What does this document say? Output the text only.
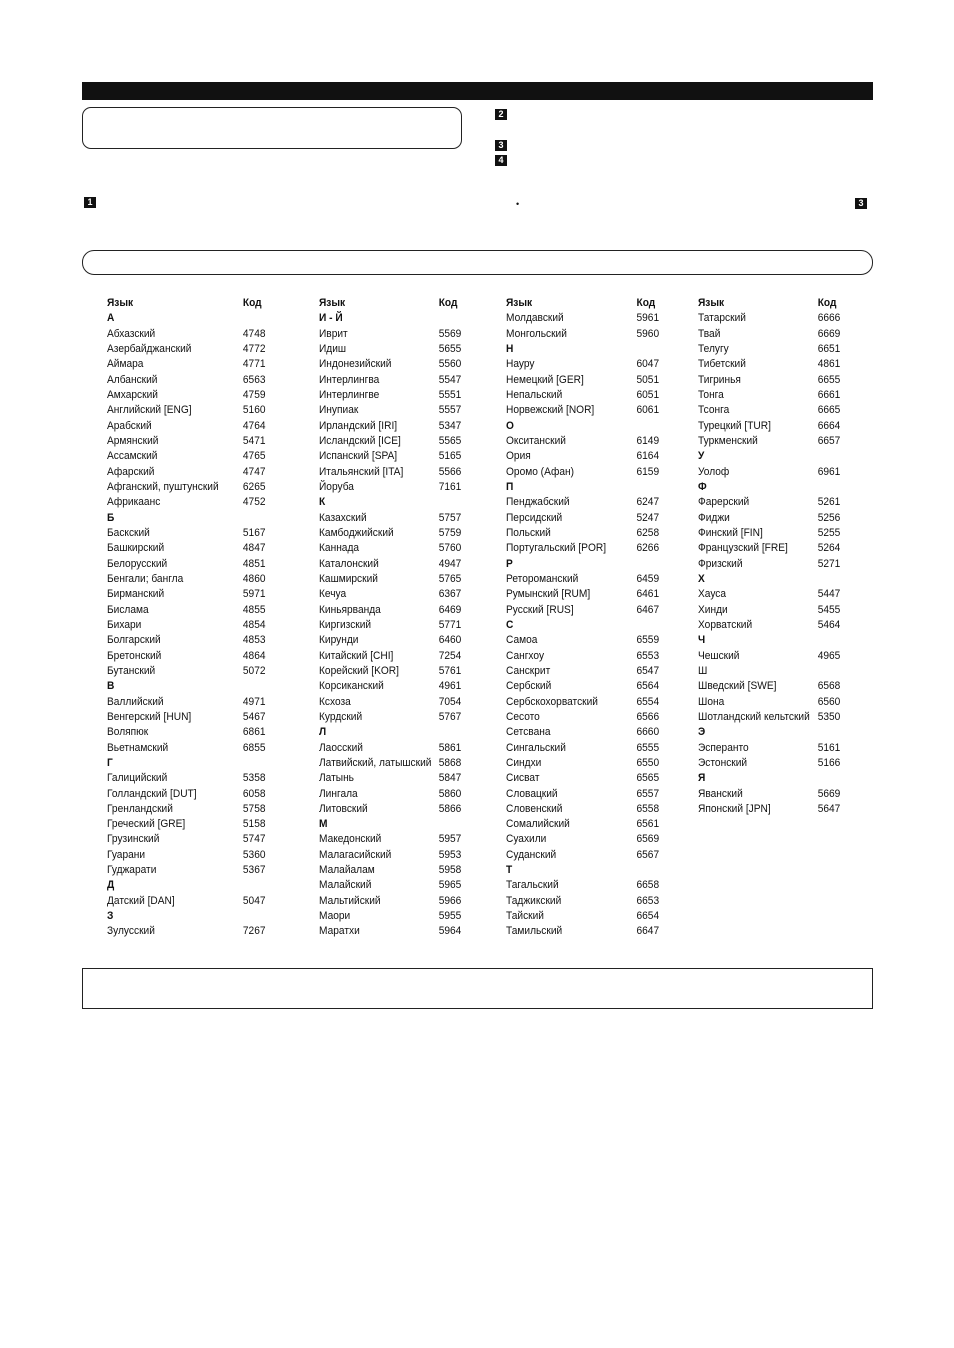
2
3
4
1	•	3
Язык	Код
А
Абхазский	4748
Азербайджанский	4772
Аймара	4771
Албанский	6563
Амхарский	4759
Английский [ENG]	5160
Арабский	4764
Армянский	5471
Ассамский	4765
Афарский	4747
Афганский, пуштунский 6265
Африкаанс	4752
Б
Баскский	5167
Башкирский	4847
Белорусский	4851
Бенгали; бангла	4860
Бирманский	5971
Бислама	4855
Бихари	4854
Болгарский	4853
Бретонский	4864
Бутанский	5072
В
Валлийский	4971
Венгерский [HUN]	5467
Воляпюк	6861
Вьетнамский	6855
Г
Галицийский	5358
Голландский [DUT]	6058
Гренландский	5758
Греческий [GRE]	5158
Грузинский	5747
Гуарани	5360
Гуджарати	5367
Д
Датский [DAN]	5047
З
Зулусский	7267
Язык	Код
И - Й
Иврит	5569
Идиш	5655
Индонезийский	5560
Интерлингва	5547
Интерлингве	5551
Инупиак	5557
Ирландский [IRI]	5347
Исландский [ICE]	5565
Испанский [SPA]	5165
Итальянский [ITA]	5566
Йоруба	7161
К
Казахский	5757
Камбоджийский	5759
Каннада	5760
Каталонский	4947
Кашмирский	5765
Кечуа	6367
Киньярванда	6469
Киргизский	5771
Кирунди	6460
Китайский [CHI]	7254
Корейский [KOR]	5761
Корсиканский	4961
Ксхоза	7054
Курдский	5767
Л
Лаосский	5861
Латвийский, латышский 5868
Латынь	5847
Лингала	5860
Литовский	5866
М
Македонский	5957
Малагасийский	5953
Малайалам	5958
Малайский	5965
Мальтийский	5966
Маори	5955
Маратхи	5964
Язык	Код
Молдавский	5961
Монгольский	5960
Н
Науру	6047
Немецкий [GER]	5051
Непальский	6051
Норвежский [NOR]	6061
О
Окситанский	6149
Ория	6164
Оромо (Афан)	6159
П
Пенджабский	6247
Персидский	5247
Польский	6258
Португальский [POR]	6266
Р
Ретороманский	6459
Румынский [RUM]	6461
Русский [RUS]	6467
С
Самоа	6559
Сангхоу	6553
Санскрит	6547
Сербский	6564
Сербскохорватский	6554
Сесото	6566
Сетсвана	6660
Сингальский	6555
Синдхи	6550
Сисват	6565
Словацкий	6557
Словенский	6558
Сомалийский	6561
Суахили	6569
Суданский	6567
Т
Тагальский	6658
Таджикский	6653
Тайский	6654
Тамильский	6647
Язык	Код
Татарский	6666
Твай	6669
Телугу	6651
Тибетский	4861
Тигринья	6655
Тонга	6661
Тсонга	6665
Турецкий [TUR]	6664
Туркменский	6657
У
Уолоф	6961
Ф
Фарерский	5261
Фиджи	5256
Финский [FIN]	5255
Французский [FRE]	5264
Фризский	5271
Х
Хауса	5447
Хинди	5455
Хорватский	5464
Ч
Чешский	4965
Ш
Шведский [SWE]	6568
Шона	6560
Шотландский кельтский 5350
Э
Эсперанто	5161
Эстонский	5166
Я
Яванский	5669
Японский [JPN]	5647
